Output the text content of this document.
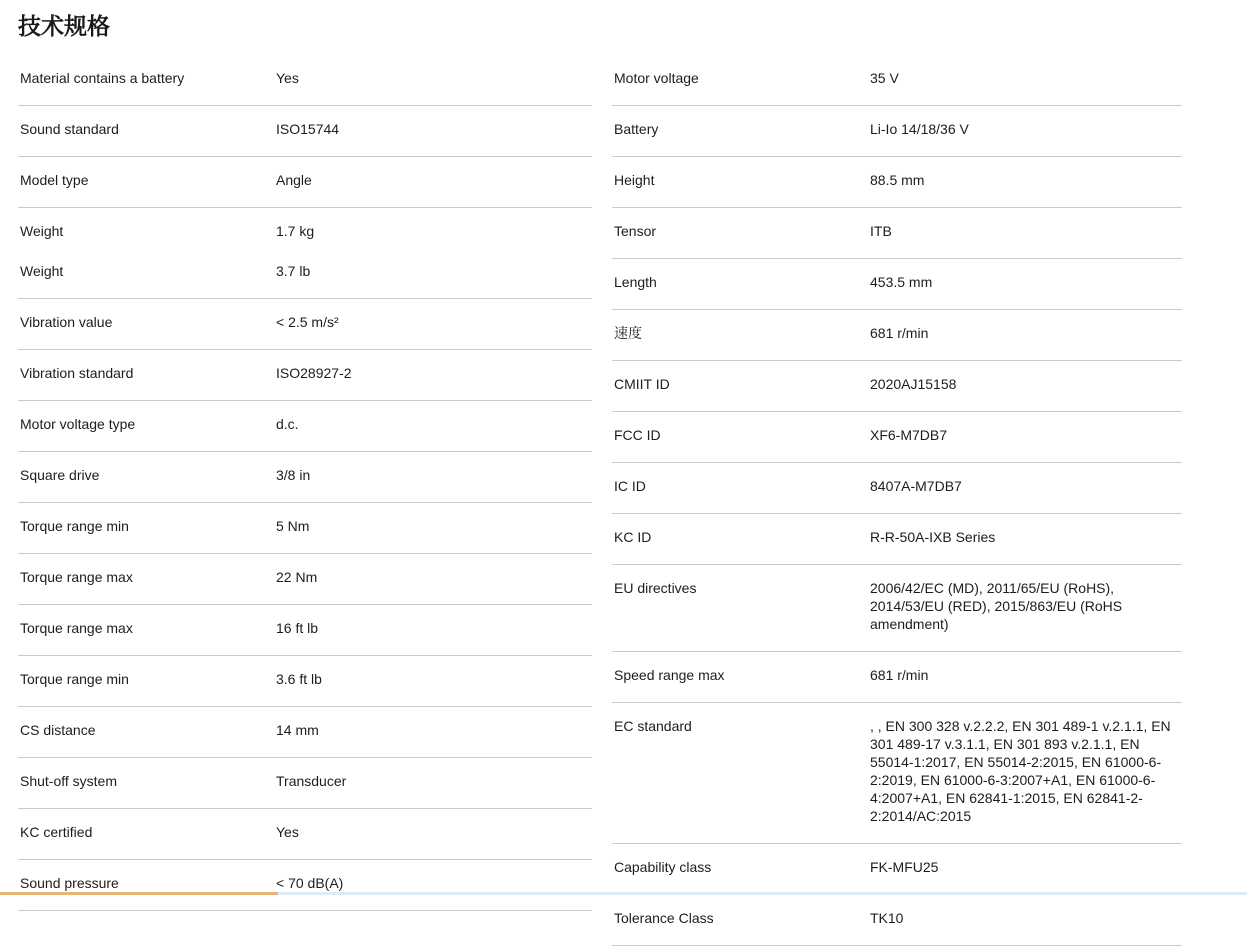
技术规格
Material contains a battery	Yes
Sound standard	ISO15744
Model type	Angle
Weight	1.7 kg
Weight	3.7 lb
Vibration value	< 2.5 m/s²
Vibration standard	ISO28927-2
Motor voltage type	d.c.
Square drive	3/8 in
Torque range min	5 Nm
Torque range max	22 Nm
Torque range max	16 ft lb
Torque range min	3.6 ft lb
CS distance	14 mm
Shut-off system	Transducer
KC certified	Yes
Sound pressure	< 70 dB(A)
Motor voltage	35 V
Battery	Li-Io 14/18/36 V
Height	88.5 mm
Tensor	ITB
Length	453.5 mm
速度	681 r/min
CMIIT ID	2020AJ15158
FCC ID	XF6-M7DB7
IC ID	8407A-M7DB7
KC ID	R-R-50A-IXB Series
EU directives	2006/42/EC (MD), 2011/65/EU (RoHS), 2014/53/EU (RED), 2015/863/EU (RoHS amendment)
Speed range max	681 r/min
EC standard	, , EN 300 328 v.2.2.2, EN 301 489-1 v.2.1.1, EN 301 489-17 v.3.1.1, EN 301 893 v.2.1.1, EN 55014-1:2017, EN 55014-2:2015, EN 61000-6-2:2019, EN 61000-6-3:2007+A1, EN 61000-6-4:2007+A1, EN 62841-1:2015, EN 62841-2-2:2014/AC:2015
Capability class	FK-MFU25
Tolerance Class	TK10
